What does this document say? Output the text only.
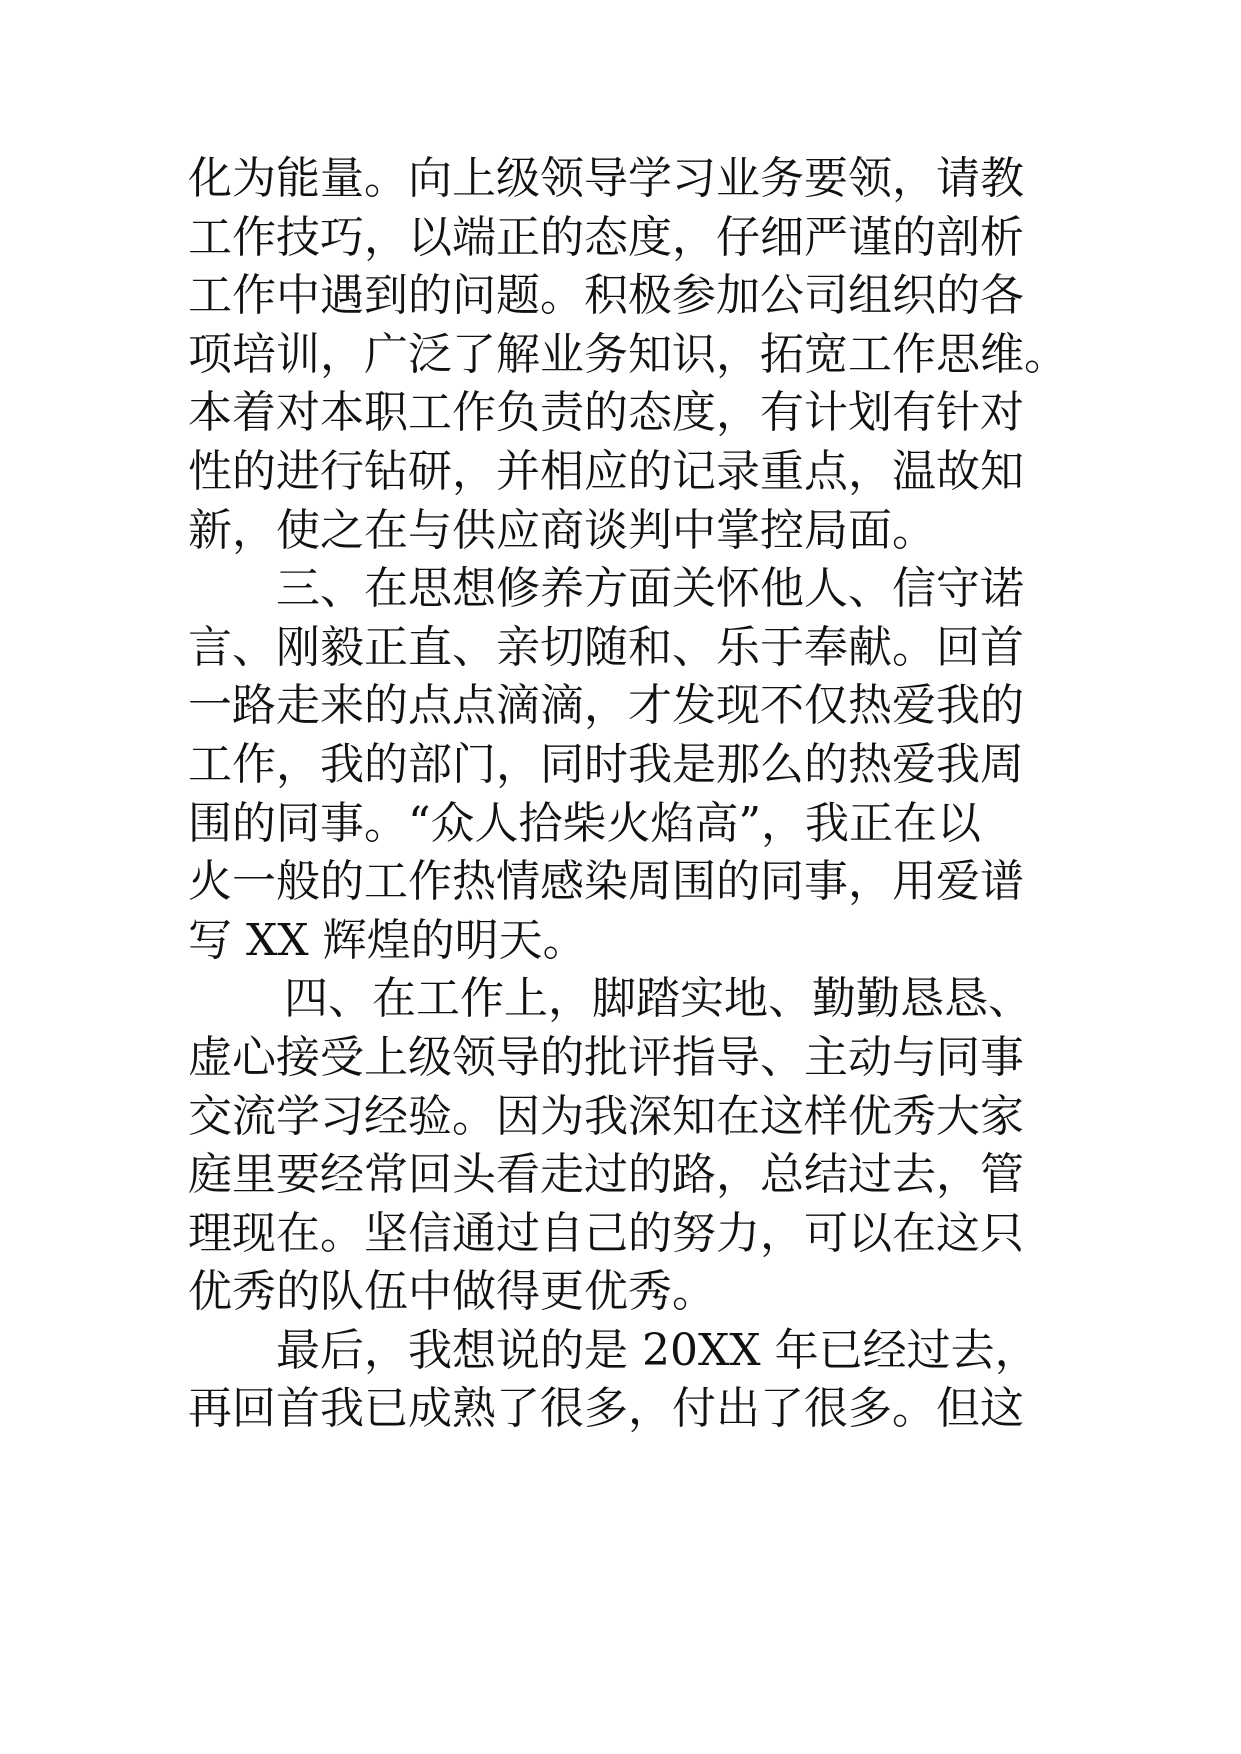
化为能量。向上级领导学习业务要领，请教
工作技巧，以端正的态度，仔细严谨的剖析
工作中遇到的问题。积极参加公司组织的各
项培训，广泛了解业务知识，拓宽工作思维。
本着对本职工作负责的态度，有计划有针对
性的进行钻研，并相应的记录重点，温故知
新，使之在与供应商谈判中掌控局面。
三、在思想修养方面关怀他人、信守诺
言、刚毅正直、亲切随和、乐于奉献。回首
一路走来的点点滴滴，才发现不仅热爱我的
工作，我的部门，同时我是那么的热爱我周
围的同事。“众人拾柴火焰高”，我正在以
火一般的工作热情感染周围的同事，用爱谱
写 XX 辉煌的明天。
四、在工作上，脚踏实地、勤勤恳恳、
虚心接受上级领导的批评指导、主动与同事
交流学习经验。因为我深知在这样优秀大家
庭里要经常回头看走过的路，总结过去，管
理现在。坚信通过自己的努力，可以在这只
优秀的队伍中做得更优秀。
最后，我想说的是 20XX 年已经过去，
再回首我已成熟了很多，付出了很多。但这
